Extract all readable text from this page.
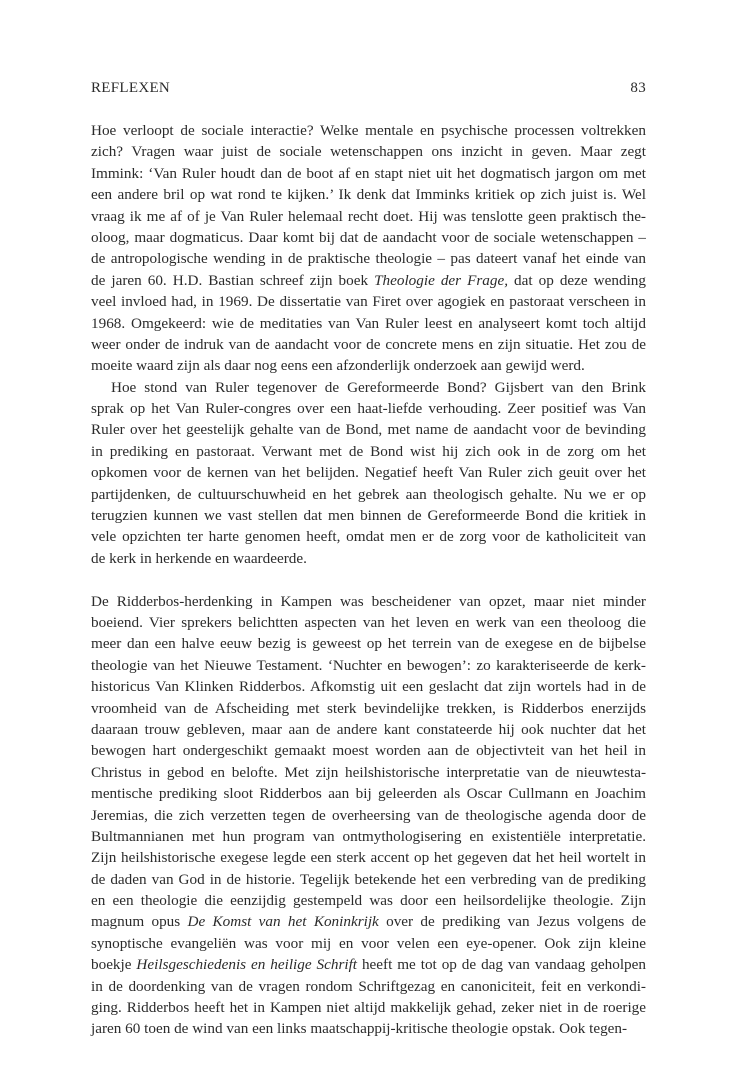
REFLEXEN	83
Hoe verloopt de sociale interactie? Welke mentale en psychische processen voltrekken
zich? Vragen waar juist de sociale wetenschappen ons inzicht in geven. Maar zegt
Immink: ‘Van Ruler houdt dan de boot af en stapt niet uit het dogmatisch jargon om met
een andere bril op wat rond te kijken.’ Ik denk dat Imminks kritiek op zich juist is. Wel
vraag ik me af of je Van Ruler helemaal recht doet. Hij was tenslotte geen praktisch the-
oloog, maar dogmaticus. Daar komt bij dat de aandacht voor de sociale wetenschappen –
de antropologische wending in de praktische theologie – pas dateert vanaf het einde van
de jaren 60. H.D. Bastian schreef zijn boek Theologie der Frage, dat op deze wending
veel invloed had, in 1969. De dissertatie van Firet over agogiek en pastoraat verscheen in
1968. Omgekeerd: wie de meditaties van Van Ruler leest en analyseert komt toch altijd
weer onder de indruk van de aandacht voor de concrete mens en zijn situatie. Het zou de
moeite waard zijn als daar nog eens een afzonderlijk onderzoek aan gewijd werd.
Hoe stond van Ruler tegenover de Gereformeerde Bond? Gijsbert van den Brink
sprak op het Van Ruler-congres over een haat-liefde verhouding. Zeer positief was Van
Ruler over het geestelijk gehalte van de Bond, met name de aandacht voor de bevinding
in prediking en pastoraat. Verwant met de Bond wist hij zich ook in de zorg om het
opkomen voor de kernen van het belijden. Negatief heeft Van Ruler zich geuit over het
partijdenken, de cultuurschuwheid en het gebrek aan theologisch gehalte. Nu we er op
terugzien kunnen we vast stellen dat men binnen de Gereformeerde Bond die kritiek in
vele opzichten ter harte genomen heeft, omdat men er de zorg voor de katholiciteit van
de kerk in herkende en waardeerde.
De Ridderbos-herdenking in Kampen was bescheidener van opzet, maar niet minder
boeiend. Vier sprekers belichtten aspecten van het leven en werk van een theoloog die
meer dan een halve eeuw bezig is geweest op het terrein van de exegese en de bijbelse
theologie van het Nieuwe Testament. ‘Nuchter en bewogen’: zo karakteriseerde de kerk-
historicus Van Klinken Ridderbos. Afkomstig uit een geslacht dat zijn wortels had in de
vroomheid van de Afscheiding met sterk bevindelijke trekken, is Ridderbos enerzijds
daaraan trouw gebleven, maar aan de andere kant constateerde hij ook nuchter dat het
bewogen hart ondergeschikt gemaakt moest worden aan de objectivteit van het heil in
Christus in gebod en belofte. Met zijn heilshistorische interpretatie van de nieuwtesta-
mentische prediking sloot Ridderbos aan bij geleerden als Oscar Cullmann en Joachim
Jeremias, die zich verzetten tegen de overheersing van de theologische agenda door de
Bultmannianen met hun program van ontmythologisering en existentiële interpretatie.
Zijn heilshistorische exegese legde een sterk accent op het gegeven dat het heil wortelt in
de daden van God in de historie. Tegelijk betekende het een verbreding van de prediking
en een theologie die eenzijdig gestempeld was door een heilsordelijke theologie. Zijn
magnum opus De Komst van het Koninkrijk over de prediking van Jezus volgens de
synoptische evangeliën was voor mij en voor velen een eye-opener. Ook zijn kleine
boekje Heilsgeschiedenis en heilige Schrift heeft me tot op de dag van vandaag geholpen
in de doordenking van de vragen rondom Schriftgezag en canoniciteit, feit en verkondi-
ging. Ridderbos heeft het in Kampen niet altijd makkelijk gehad, zeker niet in de roerige
jaren 60 toen de wind van een links maatschappij-kritische theologie opstak. Ook tegen-
